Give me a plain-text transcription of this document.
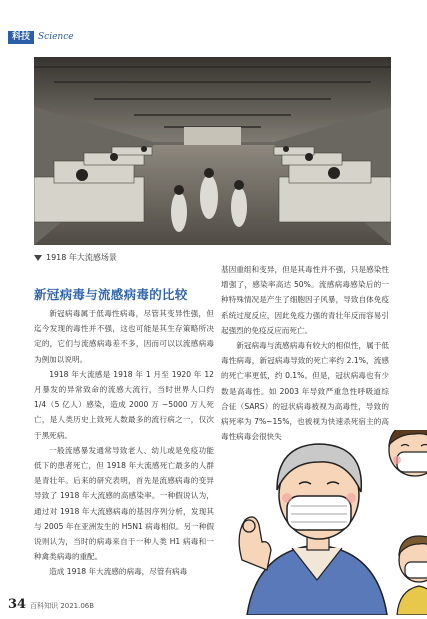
科技 Science
1918 年大流感场景
新冠病毒与流感病毒的比较

新冠病毒属于低毒性病毒，尽管其变异性强，但迄今发现的毒性并不强，这也可能是其生存策略所决定的，它们与流感病毒差不多，因而可以以流感病毒为例加以说明。

1918 年大流感是 1918 年 1 月至 1920 年 12 月暴发的异常致命的流感大流行，当时世界人口约 1/4（5 亿人）感染，造成 2000 万 ~5000 万人死亡，是人类历史上致死人数最多的流行病之一，仅次于黑死病。

一般流感暴发通常导致老人、幼儿或是免疫功能低下的患者死亡，但 1918 年大流感死亡最多的人群是青壮年。后来的研究表明，首先是流感病毒的变异导致了 1918 年大流感的高感染率。一种假说认为，通过对 1918 年大流感病毒的基因序列分析，发现其与 2005 年在亚洲发生的 H5N1 病毒相似。另一种假说则认为，当时的病毒来自于一种人类 H1 病毒和一种禽类病毒的重配。

造成 1918 年大流感的病毒，尽管有病毒

基因重组和变异，但是其毒性并不强，只是感染性增强了，感染率高达 50%。流感病毒感染后的一种特殊情况是产生了细胞因子风暴，导致自体免疫系统过度反应，因此免疫力强的青壮年反而容易引起强烈的免疫反应而死亡。

新冠病毒与流感病毒有较大的相似性，属于低毒性病毒，新冠病毒导致的死亡率约 2.1%，流感的死亡率更低，约 0.1%。但是，冠状病毒也有少数是高毒性。如 2003 年导致严重急性呼吸道综合征（SARS）的冠状病毒被视为高毒性，导致的病死率为 7%~15%，也被视为快速杀死宿主的高毒性病毒会很快失

34 百科知识 2021.06B
